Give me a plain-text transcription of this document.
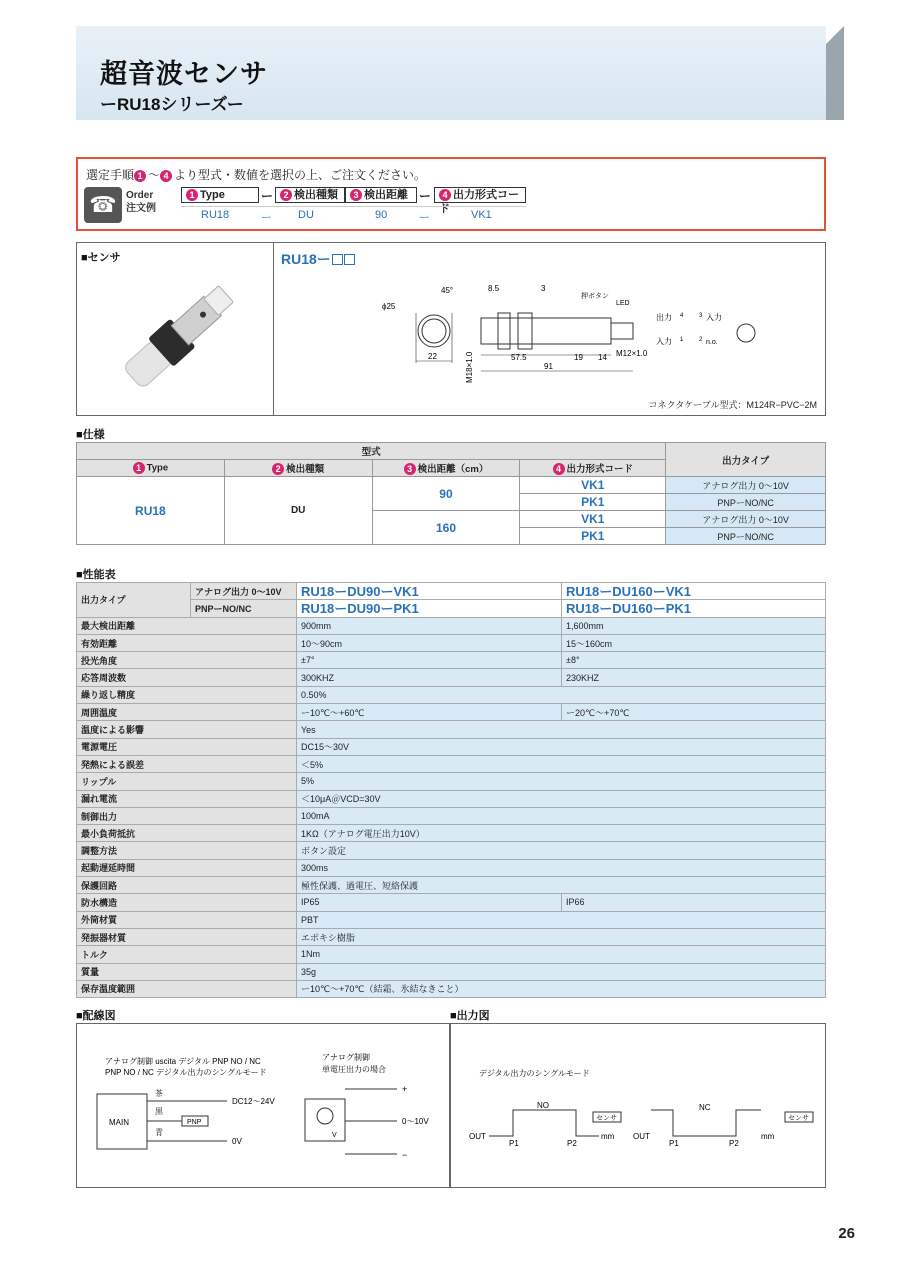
超音波センサ
ーRU18シリーズー
選定手順 1 〜 4 より型式・数値を選択の上、ご注文ください。
☎ Order
注文例
1 Type	ー	2 検出種類	3 検出距離 ー	4 出力形式コード
RU18	ー DU	90	ー	VK1
■センサ	RU18ー
22
ϕ25
45°	8.5	3
押ボタン
LED
57.5	19 14 M12×1.0
91
M18×1.0
出力 4	3 入力
入力 1	2 n.o.
コネクタケーブル型式：M124R−PVC−2M
■仕様
型式				出力タイプ
1 Type	2 検出種類	3 検出距離（cm）	4 出力形式コード	
RU18	DU	90	VK1	アナログ出力 0〜10V
			PK1	PNPーNO/NC
		160	VK1	アナログ出力 0〜10V
			PK1	PNPーNO/NC
■性能表
出力タイプ	アナログ出力 0〜10V	RU18ーDU90ーVK1	RU18ーDU160ーVK1
	PNPーNO/NC	RU18ーDU90ーPK1	RU18ーDU160ーPK1
最大検出距離		900mm	1,600mm
有効距離		10〜90cm	15〜160cm
投光角度		±7°	±8°
応答周波数		300KHZ	230KHZ
繰り返し精度		0.50%	
周囲温度		ー10℃〜+60℃	ー20℃〜+70℃
温度による影響		Yes	
電源電圧		DC15〜30V	
発熱による誤差		＜5%	
リップル		5%	
漏れ電流		＜10μA＠VCD=30V	
制御出力		100mA	
最小負荷抵抗		1KΩ（アナログ電圧出力10V）	
調整方法		ボタン設定	
起動遅延時間		300ms	
保護回路		極性保護、過電圧、短絡保護	
防水構造		IP65	IP66
外筒材質		PBT	
発振器材質		エポキシ樹脂	
トルク		1Nm	
質量		35g	
保存温度範囲		ー10℃〜+70℃（結霜、氷結なきこと）	
■配線図	■出力図
アナログ制御 uscita デジタル PNP NO / NC
PNP NO / NC デジタル出力のシングルモード
MAIN
茶
黒
青
PNP
DC12〜24V
0V
アナログ制御
単電圧出力の場合
V
+
0〜10V
−
デジタル出力のシングルモード
NO
OUT
P1	P2
mm
センサ
NC
OUT
P1	P2
mm
センサ
26
